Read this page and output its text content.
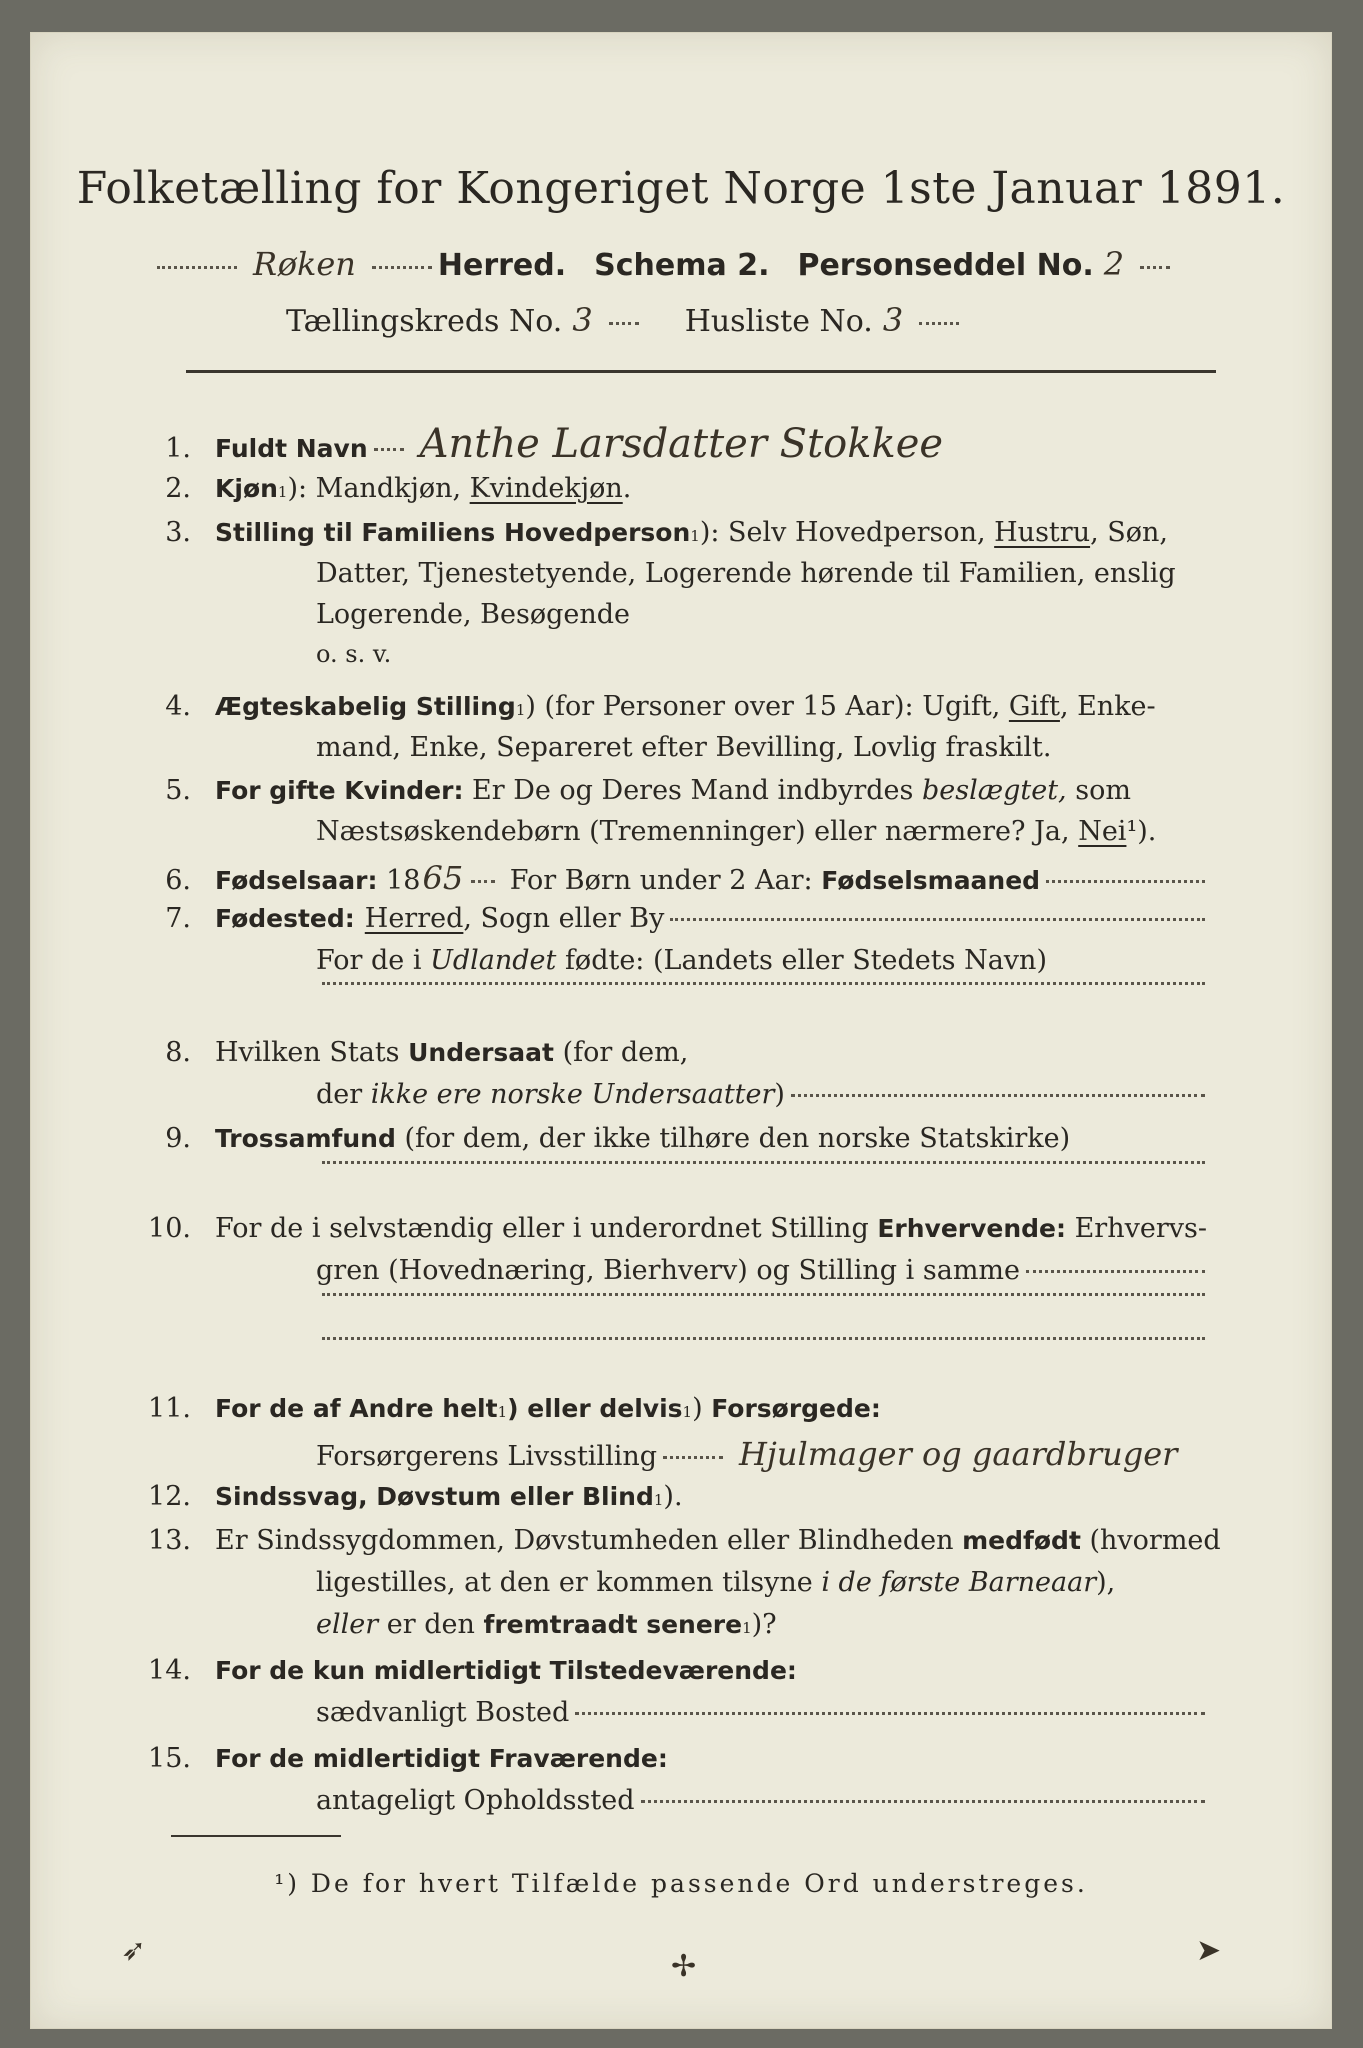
Folketælling for Kongeriget Norge 1ste Januar 1891.
Røken	Herred. Schema 2. Personseddel No. 2
Tællingskreds No. 3	Husliste No. 3
1. Fuldt Navn Anthe Larsdatter Stokkee
2. Kjøn 1 ): Mandkjøn, Kvindekjøn .
3. Stilling til Familiens Hovedperson 1 ): Selv Hovedperson, Hustru , Søn,
Datter, Tjenestetyende, Logerende hørende til Familien, enslig
Logerende, Besøgende
o. s. v.
4. Ægteskabelig Stilling 1 ) (for Personer over 15 Aar): Ugift, Gift , Enke-
mand, Enke, Separeret efter Bevilling, Lovlig fraskilt.
5. For gifte Kvinder: Er De og Deres Mand indbyrdes beslægtet, som
Næstsøskendebørn (Tremenninger) eller nærmere? Ja, Nei ¹).
6. Fødselsaar: 18 65 For Børn under 2 Aar: Fødselsmaaned
7. Fødested: Herred , Sogn eller By
For de i Udlandet fødte: (Landets eller Stedets Navn)
8. Hvilken Stats Undersaat (for dem,
der ikke ere norske Undersaatter )
9. Trossamfund (for dem, der ikke tilhøre den norske Statskirke)
10. For de i selvstændig eller i underordnet Stilling Erhvervende: Erhvervs-
gren (Hovednæring, Bierhverv) og Stilling i samme
11. For de af Andre helt 1 ) eller delvis 1 ) Forsørgede:
Forsørgerens Livsstilling	Hjulmager og gaardbruger
12. Sindssvag, Døvstum eller Blind 1 ).
13. Er Sindssygdommen, Døvstumheden eller Blindheden medfødt (hvormed
ligestilles, at den er kommen tilsyne i de første Barneaar ),
eller er den fremtraadt senere 1 )?
14. For de kun midlertidigt Tilstedeværende:
sædvanligt Bosted
15. For de midlertidigt Fraværende:
antageligt Opholdssted
¹) De for hvert Tilfælde passende Ord understreges.
➶	✢	➤
